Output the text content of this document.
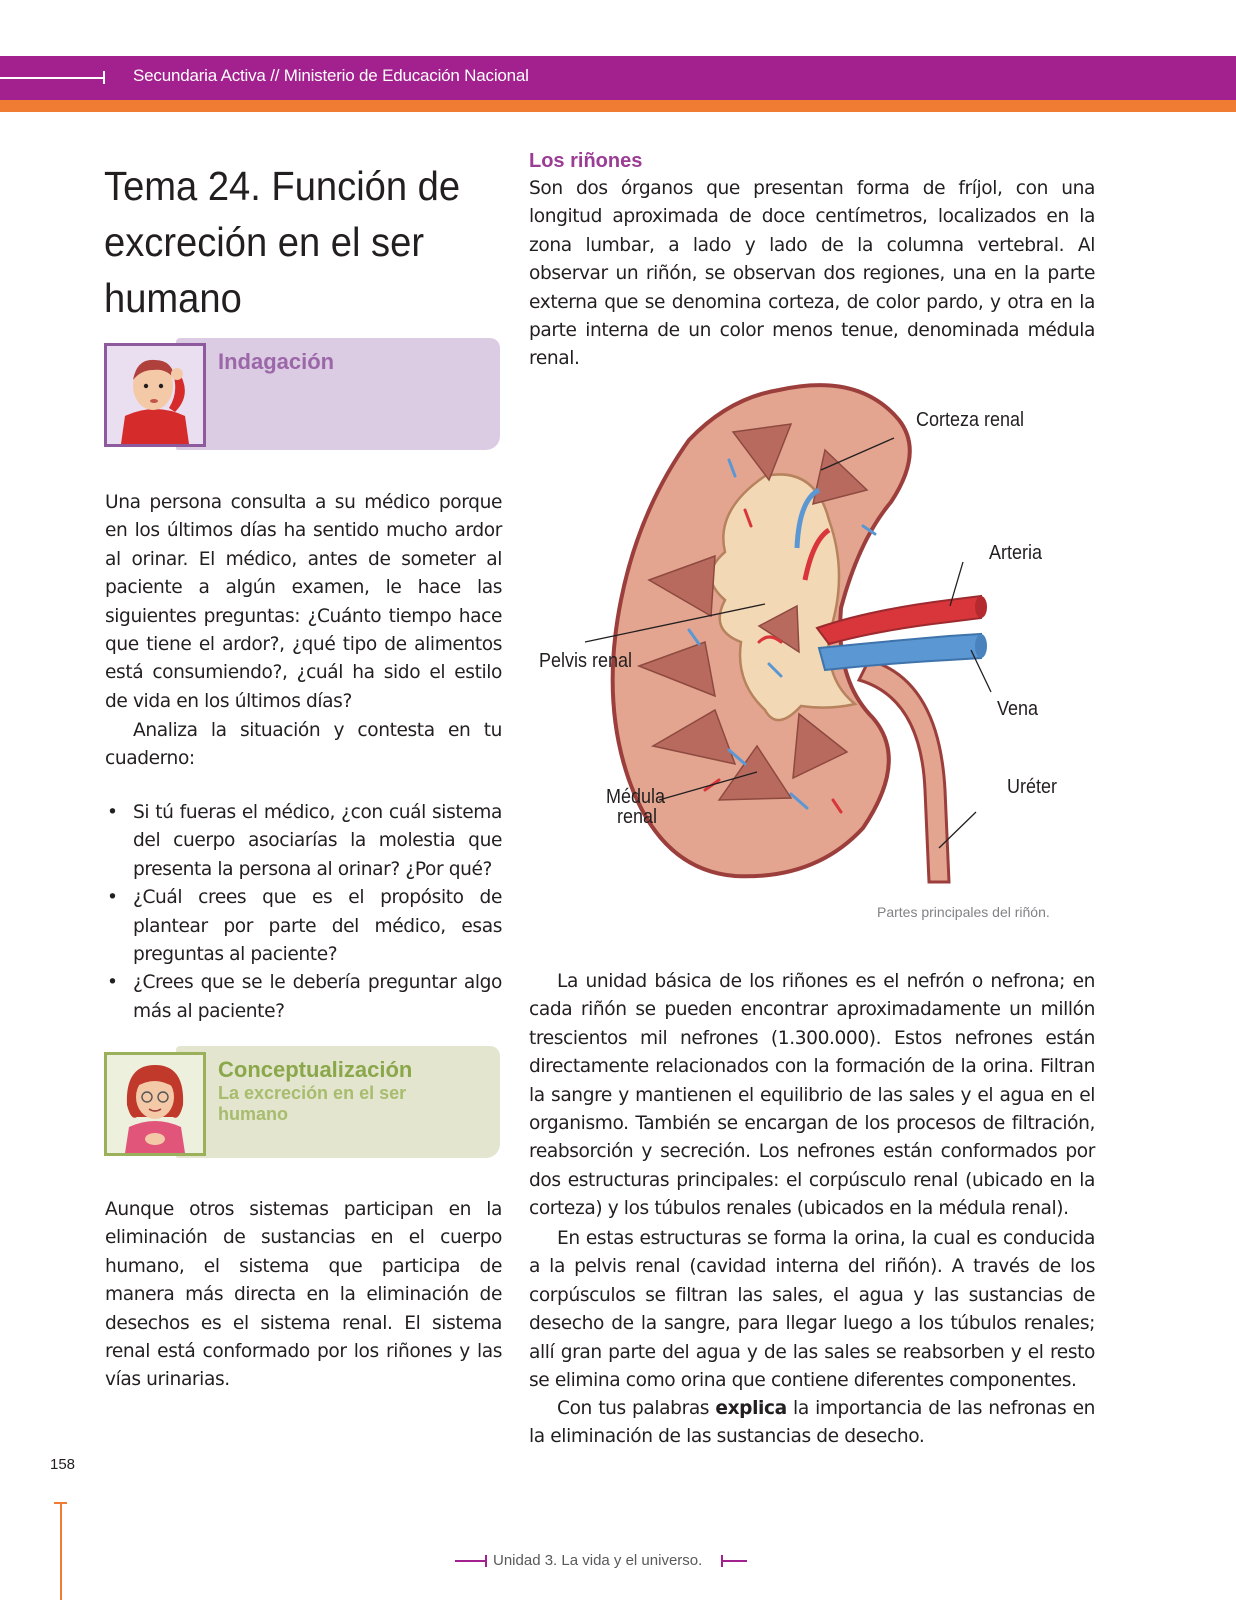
Secundaria Activa // Ministerio de Educación Nacional
Tema 24. Función de excreción en el ser humano
Indagación
Una persona consulta a su médico porque en los últimos días ha sentido mucho ardor al orinar. El médico, antes de someter al paciente a algún examen, le hace las siguientes preguntas: ¿Cuánto tiempo hace que tiene el ardor?, ¿qué tipo de alimentos está consumiendo?, ¿cuál ha sido el estilo de vida en los últimos días?
Analiza la situación y contesta en tu cuaderno:
• Si tú fueras el médico, ¿con cuál sistema del cuerpo asociarías la molestia que presenta la persona al orinar? ¿Por qué?
• ¿Cuál crees que es el propósito de plantear por parte del médico, esas preguntas al paciente?
• ¿Crees que se le debería preguntar algo más al paciente?
Conceptualización
La excreción en el ser humano
Aunque otros sistemas participan en la eliminación de sustancias en el cuerpo humano, el sistema que participa de manera más directa en la eliminación de desechos es el sistema renal. El sistema renal está conformado por los riñones y las vías urinarias.
Los riñones
Son dos órganos que presentan forma de fríjol, con una longitud aproximada de doce centímetros, localizados en la zona lumbar, a lado y lado de la columna vertebral. Al observar un riñón, se observan dos regiones, una en la parte externa que se denomina corteza, de color pardo, y otra en la parte interna de un color menos tenue, denominada médula renal.
Corteza renal
Arteria
Pelvis renal
Vena
Uréter
Médula
renal
Partes principales del riñón.
La unidad básica de los riñones es el nefrón o nefrona; en cada riñón se pueden encontrar aproximadamente un millón trescientos mil nefrones (1.300.000). Estos nefrones están directamente relacionados con la formación de la orina. Filtran la sangre y mantienen el equilibrio de las sales y el agua en el organismo. También se encargan de los procesos de filtración, reabsorción y secreción. Los nefrones están conformados por dos estructuras principales: el corpúsculo renal (ubicado en la corteza) y los túbulos renales (ubicados en la médula renal).
En estas estructuras se forma la orina, la cual es conducida a la pelvis renal (cavidad interna del riñón). A través de los corpúsculos se filtran las sales, el agua y las sustancias de desecho de la sangre, para llegar luego a los túbulos renales; allí gran parte del agua y de las sales se reabsorben y el resto se elimina como orina que contiene diferentes componentes.
Con tus palabras explica la importancia de las nefronas en la eliminación de las sustancias de desecho.
158
Unidad 3. La vida y el universo.
